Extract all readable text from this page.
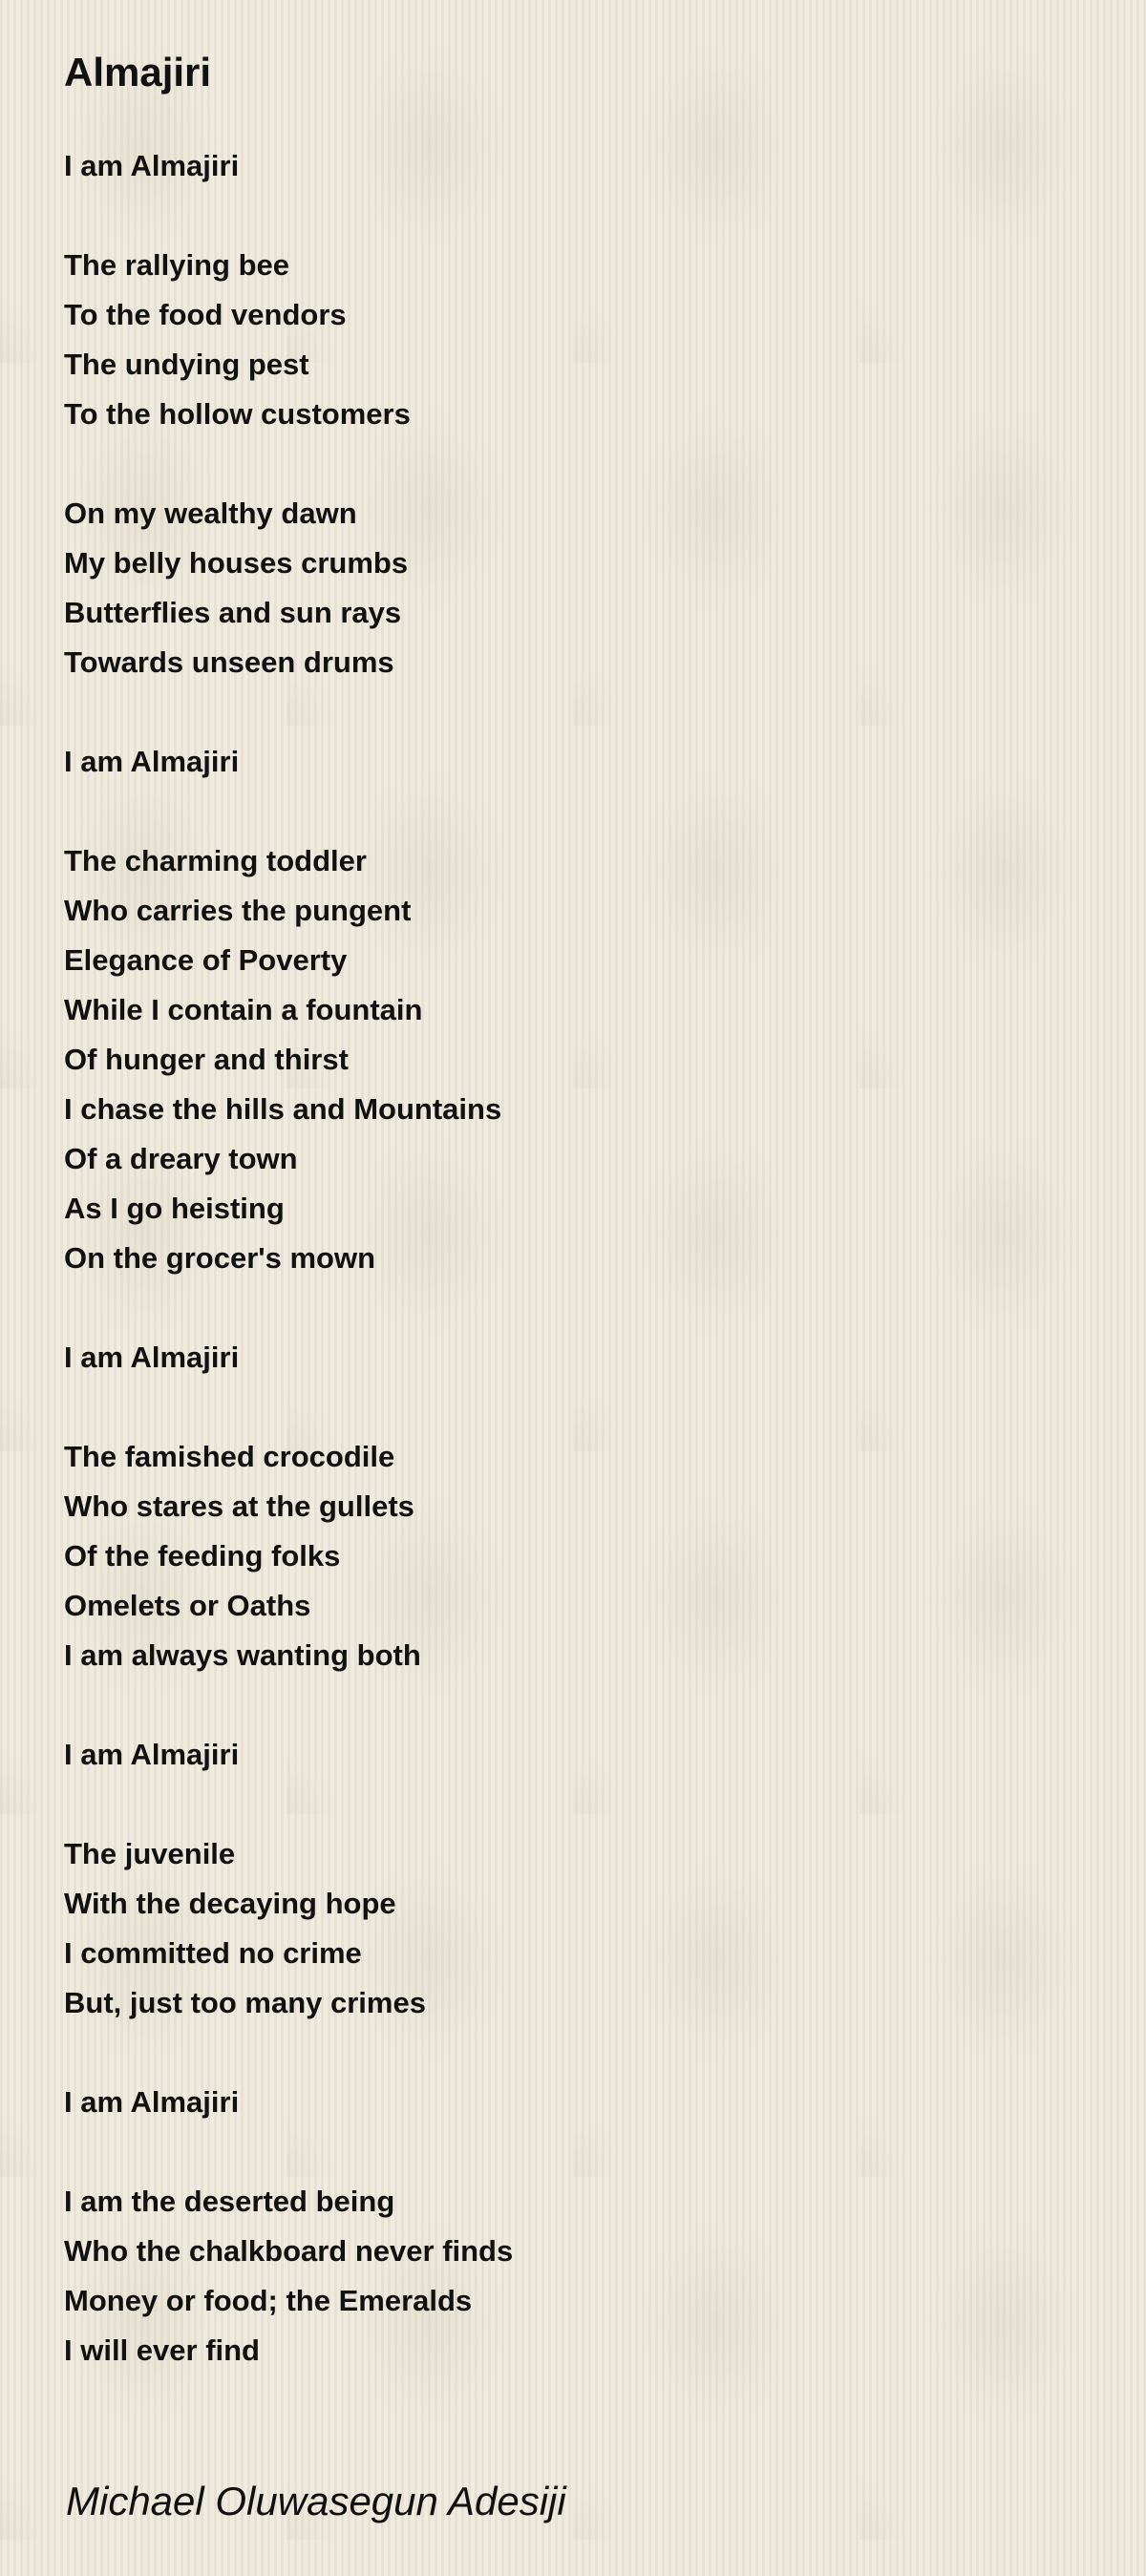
Almajiri
I am Almajiri
The rallying bee
To the food vendors
The undying pest
To the hollow customers
On my wealthy dawn
My belly houses crumbs
Butterflies and sun rays
Towards unseen drums
I am Almajiri
The charming toddler
Who carries the pungent
Elegance of Poverty
While I contain a fountain
Of hunger and thirst
I chase the hills and Mountains
Of a dreary town
As I go heisting
On the grocer's mown
I am Almajiri
The famished crocodile
Who stares at the gullets
Of the feeding folks
Omelets or Oaths
I am always wanting both
I am Almajiri
The juvenile
With the decaying hope
I committed no crime
But, just too many crimes
I am Almajiri
I am the deserted being
Who the chalkboard never finds
Money or food; the Emeralds
I will ever find

Michael Oluwasegun Adesiji
